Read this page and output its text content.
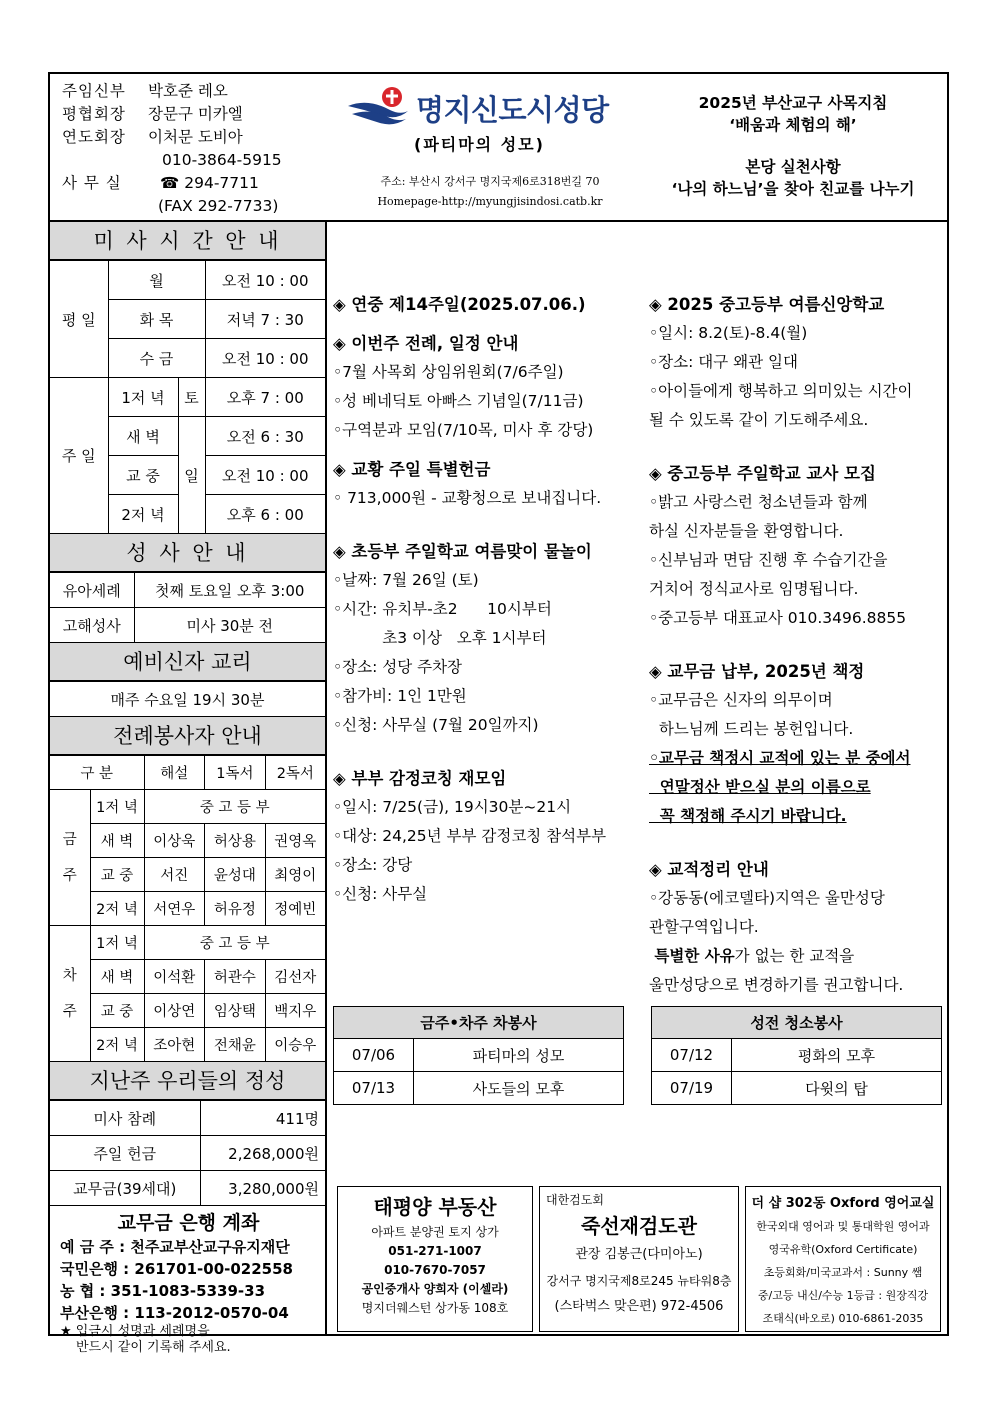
주임신부 박호준 레오
평협회장 장문구 미카엘
연도회장 이처문 도비아
010-3864-5915
사 무 실 ☎ 294-7711
(FAX 292-7733)
명지신도시성당
(파티마의 성모)
주소: 부산시 강서구 명지국제6로318번길 70
Homepage-http://myungjisindosi.catb.kr
2025년 부산교구 사목지침
‘배움과 체험의 해’
본당 실천사항
‘나의 하느님’을 찾아 친교를 나누기
미 사 시 간 안 내
평 일	월		오전 10 : 00
	화 목		저녁 7 : 30
	수 금		오전 10 : 00
주 일	1저 녁	토	오후 7 : 00
	새 벽	일	오전 6 : 30
	교 중		오전 10 : 00
	2저 녁		오후 6 : 00
성 사 안 내
유아세례	첫째 토요일 오후 3:00
고해성사	미사 30분 전
예비신자 교리
매주 수요일 19시 30분
전례봉사자 안내
구 분		해설	1독서	2독서
금

주	1저 녁	중 고 등 부		
	새 벽	이상욱	허상용	권영옥
	교 중	서진	윤성대	최영이
	2저 녁	서연우	허유정	정예빈
차

주	1저 녁	중 고 등 부		
	새 벽	이석환	허관수	김선자
	교 중	이상연	임상택	백지우
	2저 녁	조아현	전채윤	이승우
지난주 우리들의 정성
미사 참례	411명
주일 헌금	2,268,000원
교무금(39세대)	3,280,000원
교무금 은행 계좌
예 금 주 : 천주교부산교구유지재단
국민은행 : 261701-00-022558
농 협 : 351-1083-5339-33
부산은행 : 113-2012-0570-04
★ 입금시 성명과 세례명을
반드시 같이 기록해 주세요.
◈ 연중 제14주일(2025.07.06.)
◈ 이번주 전례, 일정 안내
◦7월 사목회 상임위원회(7/6주일)
◦성 베네딕토 아빠스 기념일(7/11금)
◦구역분과 모임(7/10목, 미사 후 강당)
◈ 교황 주일 특별헌금
◦ 713,000원 - 교황청으로 보내집니다.
◈ 초등부 주일학교 여름맞이 물놀이
◦날짜: 7월 26일 (토)
◦시간: 유치부-초2      10시부터
초3 이상   오후 1시부터
◦장소: 성당 주차장
◦참가비: 1인 1만원
◦신청: 사무실 (7월 20일까지)
◈ 부부 감정코칭 재모임
◦일시: 7/25(금), 19시30분~21시
◦대상: 24,25년 부부 감정코칭 참석부부
◦장소: 강당
◦신청: 사무실
◈ 2025 중고등부 여름신앙학교
◦일시: 8.2(토)-8.4(월)
◦장소: 대구 왜관 일대
◦아이들에게 행복하고 의미있는 시간이
될 수 있도록 같이 기도해주세요.
◈ 중고등부 주일학교 교사 모집
◦밝고 사랑스런 청소년들과 함께
하실 신자분들을 환영합니다.
◦신부님과 면담 진행 후 수습기간을
거치어 정식교사로 임명됩니다.
◦중고등부 대표교사 010.3496.8855
◈ 교무금 납부, 2025년 책정
◦교무금은 신자의 의무이며
하느님께 드리는 봉헌입니다.
◦교무금 책정시 교적에 있는 분 중에서
연말정산 받으실 분의 이름으로
꼭 책정해 주시기 바랍니다.
◈ 교적정리 안내
◦강동동(에코델타)지역은 울만성당
관할구역입니다.
특별한 사유가 없는 한 교적을
울만성당으로 변경하기를 권고합니다.
금주•차주 차봉사	
07/06	파티마의 성모
07/13	사도들의 모후
성전 청소봉사	
07/12	평화의 모후
07/19	다윗의 탑
태평양 부동산
아파트 분양권 토지 상가
051-271-1007
010-7670-7057
공인중개사 양희자 (이셀라)
명지더웨스턴 상가동 108호
대한검도회
죽선재검도관
관장 김봉근(다미아노)
강서구 명지국제8로245 뉴타워8층
(스타벅스 맞은편) 972-4506
더 샵 302동 Oxford 영어교실
한국외대 영어과 및 통대학원 영어과
영국유학(Oxford Certificate)
초등회화/미국교과서 : Sunny 쌤
중/고등 내신/수능 1등급 : 원장직강
조태식(바오로) 010-6861-2035
